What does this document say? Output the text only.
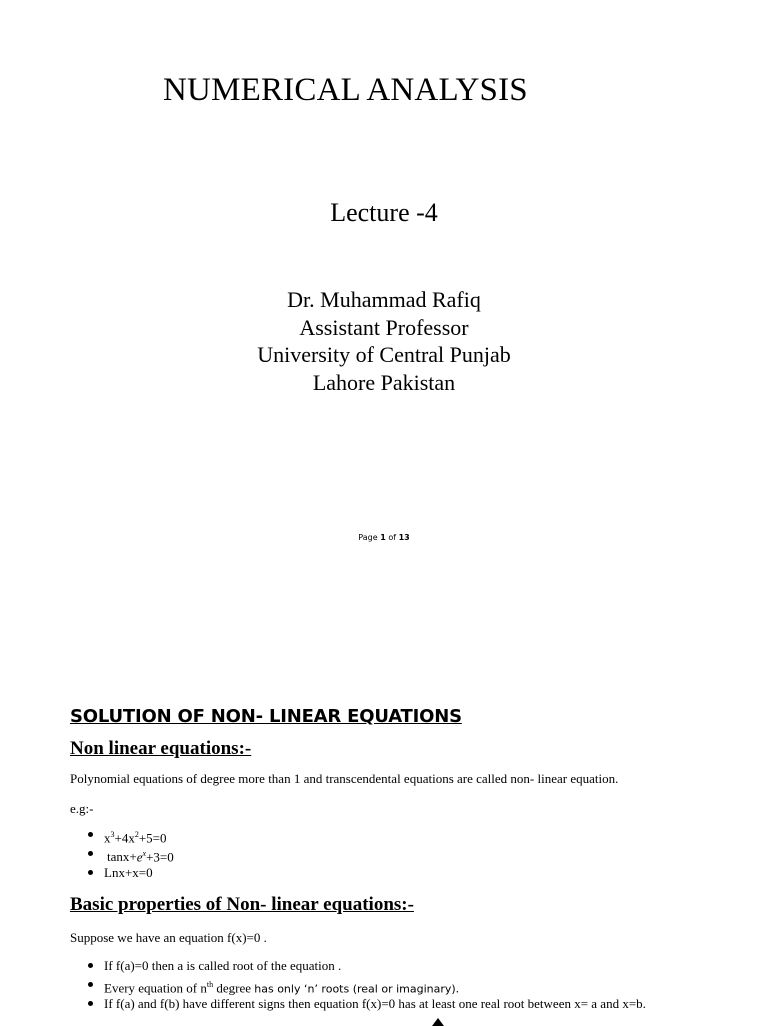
NUMERICAL ANALYSIS
Lecture -4
Dr. Muhammad Rafiq
Assistant Professor
University of Central Punjab
Lahore Pakistan
Page 1 of 13
SOLUTION OF NON- LINEAR EQUATIONS
Non linear equations:-
Polynomial equations of degree more than 1 and transcendental equations are called non- linear equation.
e.g:-
$x^3+4x^2+5=0$
$\tan x+e^x+3=0$
Lnx+x=0
Basic properties of Non- linear equations:-
Suppose we have an equation f(x)=0 .
If f(a)=0 then a is called root of the equation .
Every equation of $n^{th}$ degree has only ‘n’ roots (real or imaginary).
If f(a) and f(b) have different signs then equation f(x)=0 has at least one real root between x= a and x=b.
